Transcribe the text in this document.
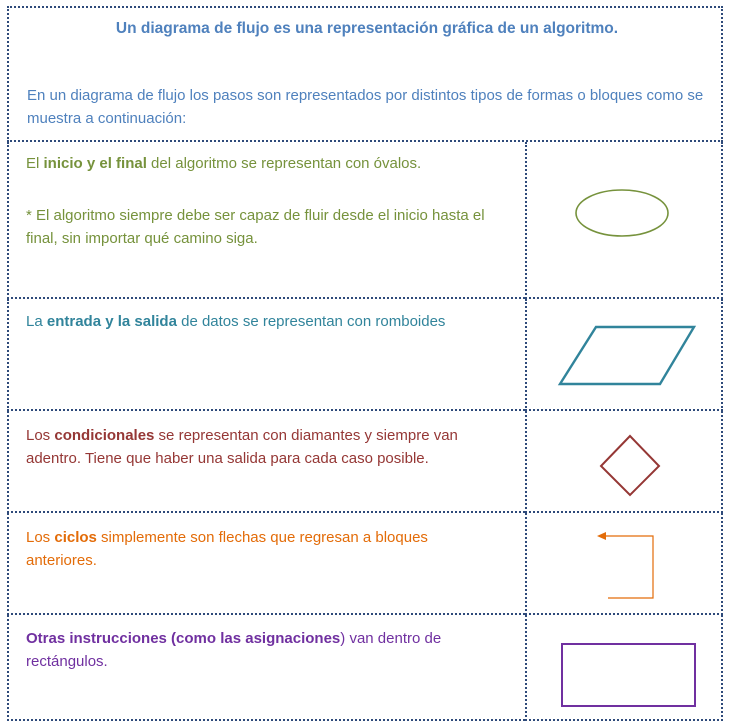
Un diagrama de flujo es una representación gráfica de un algoritmo.
En un diagrama de flujo los pasos son representados por distintos tipos de formas o bloques como se muestra a continuación:

El inicio y el final del algoritmo se representan con óvalos.

* El algoritmo siempre debe ser capaz de fluir desde el inicio hasta el final, sin importar qué camino siga.

La entrada y la salida de datos se representan con romboides

Los condicionales se representan con diamantes y siempre van adentro. Tiene que haber una salida para cada caso posible.

Los ciclos simplemente son flechas que regresan a bloques anteriores.

Otras instrucciones (como las asignaciones) van dentro de rectángulos.
